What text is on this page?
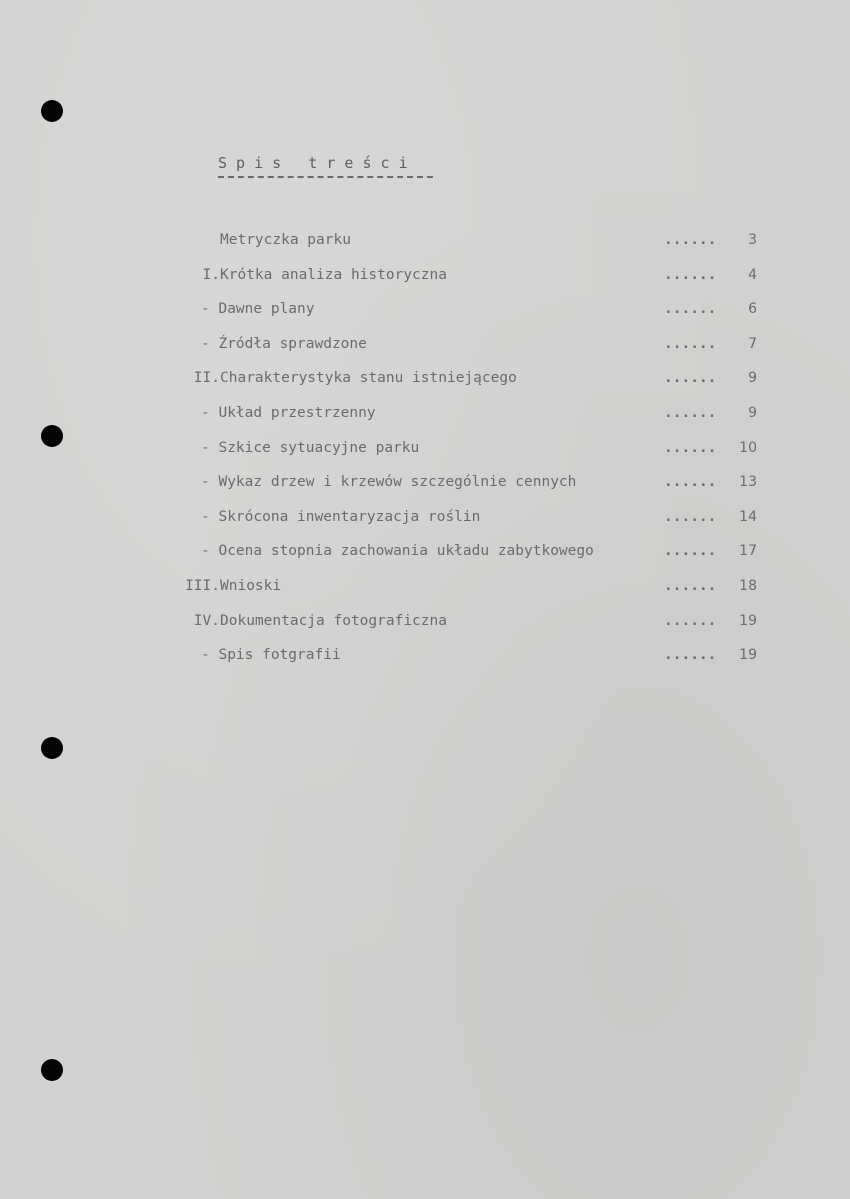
S p i s   t r e ś c i
Metryczka parku	......	3
I. Krótka analiza historyczna	......	4
- Dawne plany	......	6
- Źródła sprawdzone	......	7
II. Charakterystyka stanu istniejącego	......	9
- Układ przestrzenny	......	9
- Szkice sytuacyjne parku	......	10
- Wykaz drzew i krzewów szczególnie cennych	......	13
- Skrócona inwentaryzacja roślin	......	14
- Ocena stopnia zachowania układu zabytkowego	......	17
III. Wnioski	......	18
IV. Dokumentacja fotograficzna	......	19
- Spis fotgrafii	......	19
